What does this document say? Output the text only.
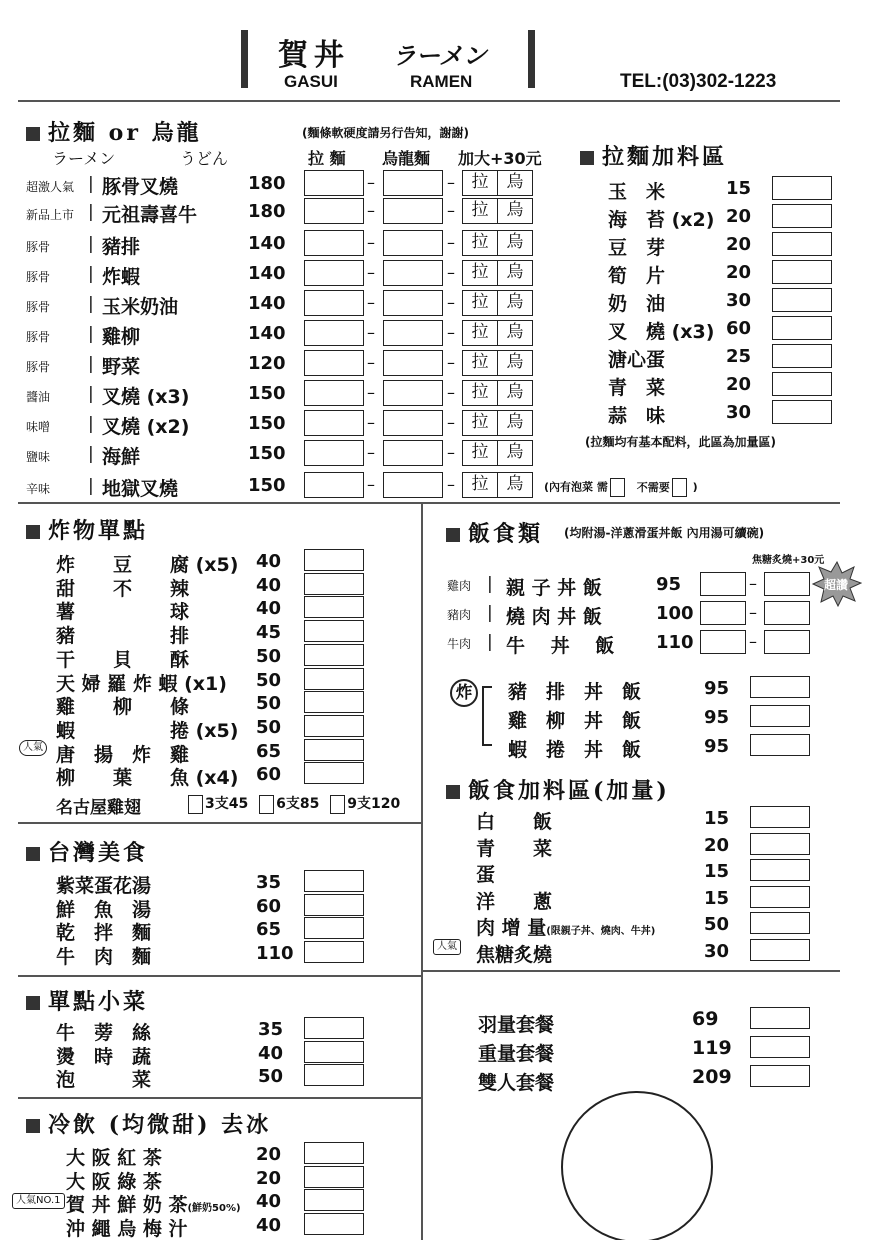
賀丼 ラーメン
GASUI	RAMEN	TEL:(03)302-1223
拉麵 or 烏龍
ラーメン	うどん
(麵條軟硬度請另行告知，謝謝)
拉 麵 烏龍麵 加大+30元
超激人氣 | 豚骨叉燒	180	–	– 拉	烏
新品上市 | 元祖壽喜牛	180	–	– 拉	烏
豚骨 | 豬排	140	–	– 拉	烏
豚骨 | 炸蝦	140	–	– 拉	烏
豚骨 | 玉米奶油	140	–	– 拉	烏
豚骨 | 雞柳	140	–	– 拉	烏
豚骨 | 野菜	120	–	– 拉	烏
醬油 | 叉燒 (x3)	150	–	– 拉	烏
味噌 | 叉燒 (x2)	150	–	– 拉	烏
鹽味 | 海鮮	150	–	– 拉	烏
辛味 | 地獄叉燒	150	–	– 拉	烏	(內有泡菜 需	不需要 )
拉麵加料區
玉　米	15
海　苔 (x2) 20
豆　芽	20
筍　片	20
奶　油	30
叉　燒 (x3) 60
溏心蛋	25
青　菜	20
蒜　味	30
(拉麵均有基本配料，此區為加量區)
炸物單點
炸　　豆　　腐 (x5) 40
甜　　不　　辣	40
薯　　　　　球	40
豬　　　　　排	45
干　　貝　　酥	50
天 婦 羅 炸 蝦 (x1) 50
雞　　柳　　條	50
蝦　　　　　捲 (x5) 50
唐　揚　炸　雞	65
柳　　葉　　魚 (x4) 60
人氣
名古屋雞翅	3支45 6支85 9支120
台灣美食
紫菜蛋花湯	35
鮮　魚　湯	60
乾　拌　麵	65
牛　肉　麵	110
單點小菜
牛　蒡　絲	35
燙　時　蔬	40
泡　　　菜	50
冷飲 (均微甜) 去冰
大 阪 紅 茶	20
大 阪 綠 茶	20
賀 丼 鮮 奶 茶(鮮奶50%) 40
沖 繩 烏 梅 汁	40
人氣NO.1
飯食類 (均附湯-洋蔥滑蛋丼飯 內用湯可續碗)
焦糖炙燒+30元
超讚
雞肉 | 親 子 丼 飯	95	–
豬肉 | 燒 肉 丼 飯	100	–
牛肉 | 牛　 丼　 飯 110	–
炸 豬　排　丼　飯	95
雞　柳　丼　飯	95
蝦　捲　丼　飯	95
飯食加料區(加量)
白　　飯	15
青　　菜	20
蛋	15
洋　　蔥	15
肉 增 量(限親子丼、燒肉、牛丼)	50
焦糖炙燒	30
人氣
羽量套餐	69
重量套餐	119
雙人套餐	209
